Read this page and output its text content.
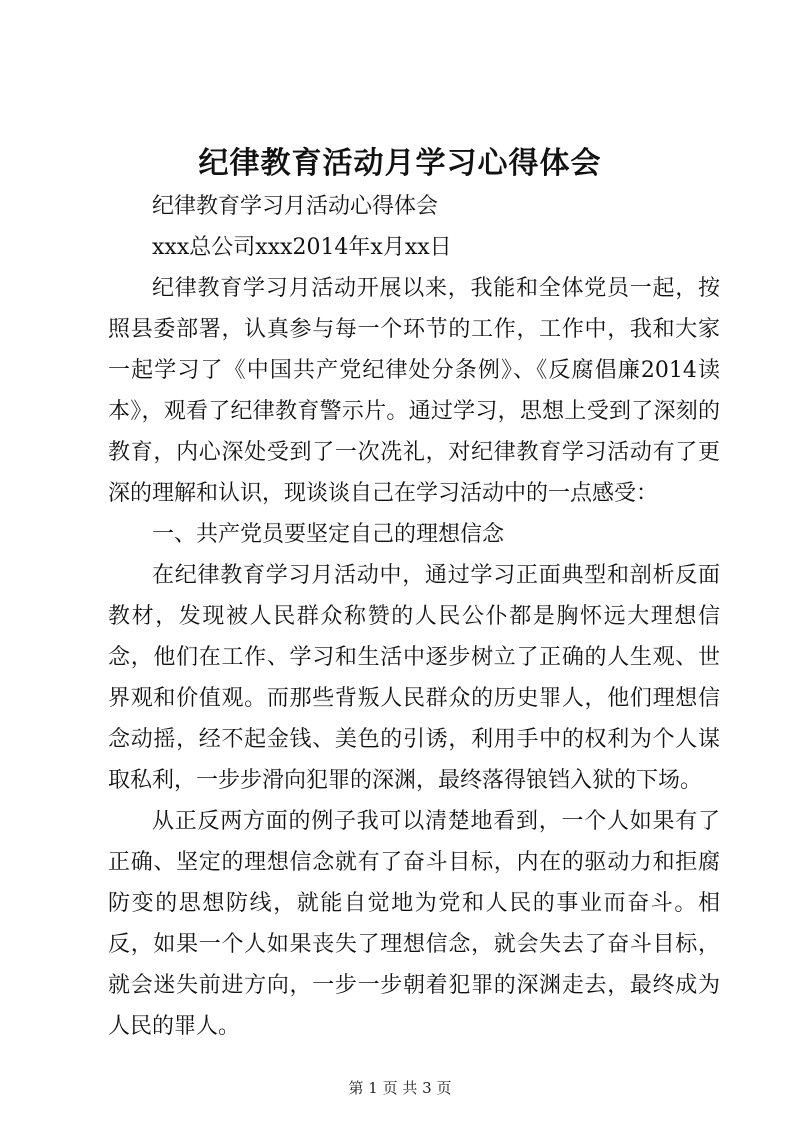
纪律教育活动月学习心得体会

纪律教育学习月活动心得体会

xxx总公司xxx2014年x月xx日

纪律教育学习月活动开展以来，我能和全体党员一起，按照县委部署，认真参与每一个环节的工作，工作中，我和大家一起学习了《中国共产党纪律处分条例》、《反腐倡廉2014读本》，观看了纪律教育警示片。通过学习，思想上受到了深刻的教育，内心深处受到了一次冼礼，对纪律教育学习活动有了更深的理解和认识，现谈谈自己在学习活动中的一点感受：

一、共产党员要坚定自己的理想信念

在纪律教育学习月活动中，通过学习正面典型和剖析反面教材，发现被人民群众称赞的人民公仆都是胸怀远大理想信念，他们在工作、学习和生活中逐步树立了正确的人生观、世界观和价值观。而那些背叛人民群众的历史罪人，他们理想信念动摇，经不起金钱、美色的引诱，利用手中的权利为个人谋取私利，一步步滑向犯罪的深渊，最终落得锒铛入狱的下场。

从正反两方面的例子我可以清楚地看到，一个人如果有了正确、坚定的理想信念就有了奋斗目标，内在的驱动力和拒腐防变的思想防线，就能自觉地为党和人民的事业而奋斗。相反，如果一个人如果丧失了理想信念，就会失去了奋斗目标，就会迷失前进方向，一步一步朝着犯罪的深渊走去，最终成为人民的罪人。

第 1 页 共 3 页
